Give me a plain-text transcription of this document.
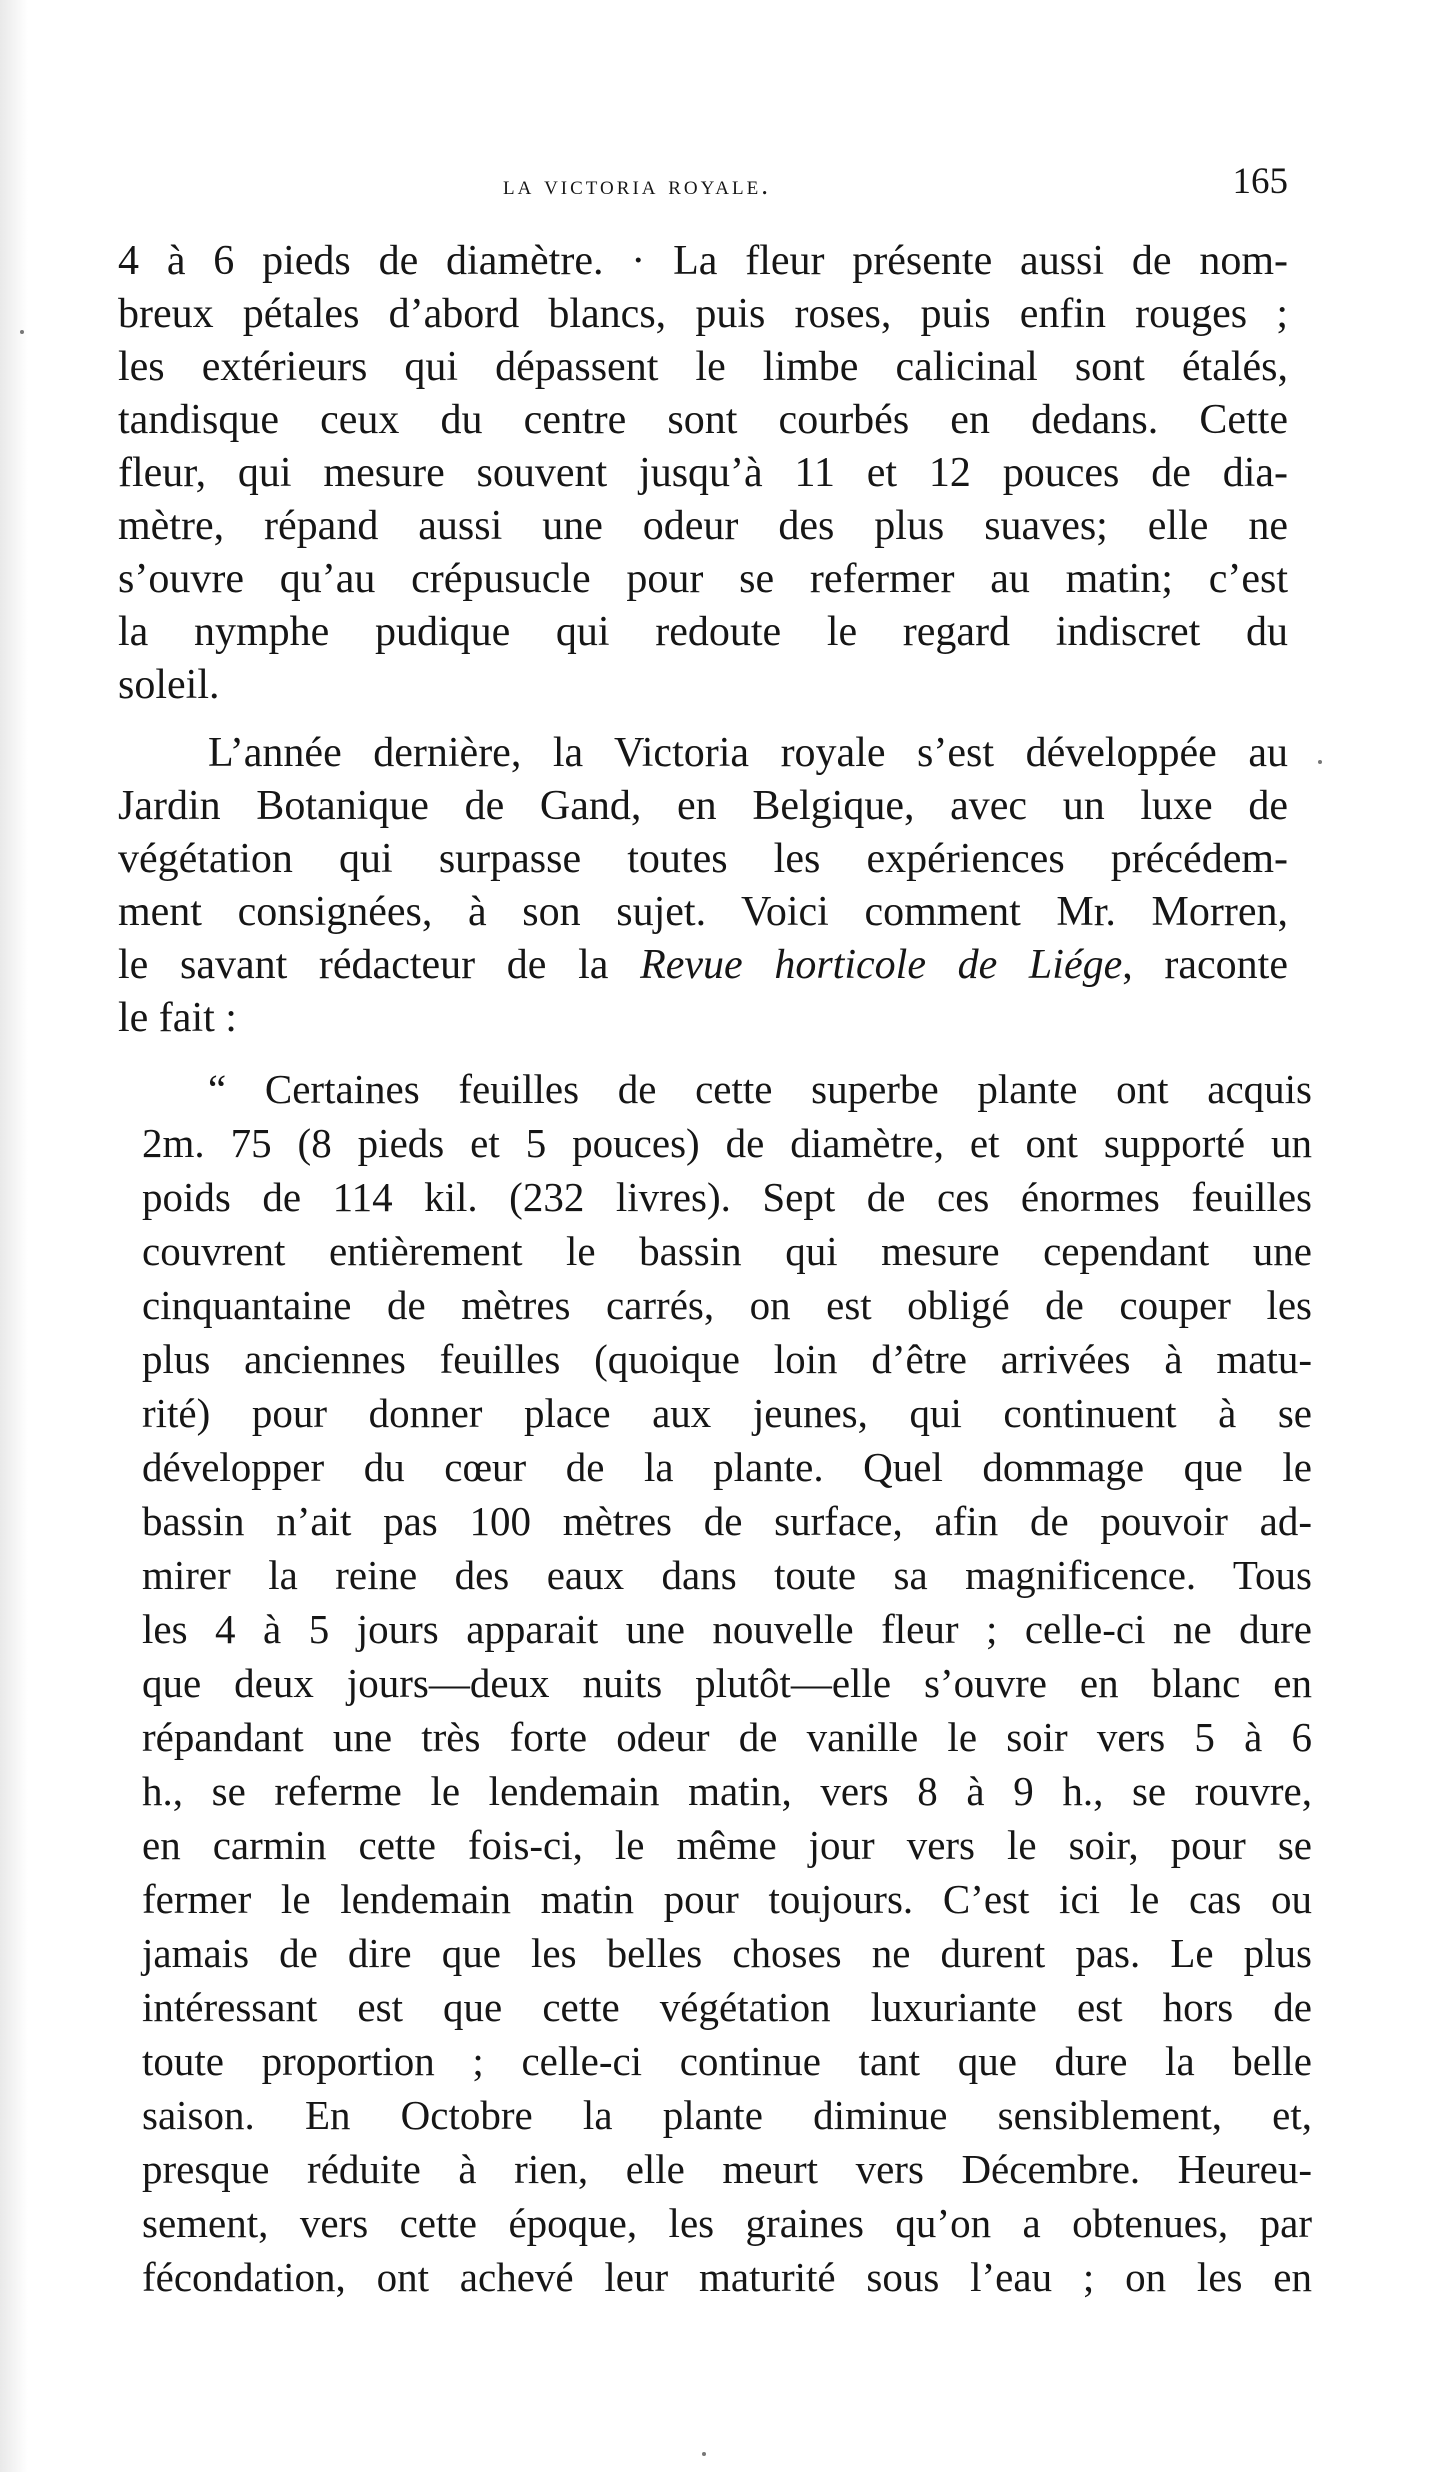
la victoria royale.	165
4 à 6 pieds de diamètre. · La fleur présente aussi de nom-
breux pétales d’abord blancs, puis roses, puis enfin rouges ;
les extérieurs qui dépassent le limbe calicinal sont étalés,
tandisque ceux du centre sont courbés en dedans. Cette
fleur, qui mesure souvent jusqu’à 11 et 12 pouces de dia-
mètre, répand aussi une odeur des plus suaves; elle ne
s’ouvre qu’au crépusucle pour se refermer au matin; c’est
la nymphe pudique qui redoute le regard indiscret du
soleil.
L’année dernière, la Victoria royale s’est développée au
Jardin Botanique de Gand, en Belgique, avec un luxe de
végétation qui surpasse toutes les expériences précédem-
ment consignées, à son sujet. Voici comment Mr. Morren,
le savant rédacteur de la Revue horticole de Liége, raconte
le fait :
“ Certaines feuilles de cette superbe plante ont acquis
2m. 75 (8 pieds et 5 pouces) de diamètre, et ont supporté un
poids de 114 kil. (232 livres). Sept de ces énormes feuilles
couvrent entièrement le bassin qui mesure cependant une
cinquantaine de mètres carrés, on est obligé de couper les
plus anciennes feuilles (quoique loin d’être arrivées à matu-
rité) pour donner place aux jeunes, qui continuent à se
développer du cœur de la plante. Quel dommage que le
bassin n’ait pas 100 mètres de surface, afin de pouvoir ad-
mirer la reine des eaux dans toute sa magnificence. Tous
les 4 à 5 jours apparait une nouvelle fleur ; celle-ci ne dure
que deux jours—deux nuits plutôt—elle s’ouvre en blanc en
répandant une très forte odeur de vanille le soir vers 5 à 6
h., se referme le lendemain matin, vers 8 à 9 h., se rouvre,
en carmin cette fois-ci, le même jour vers le soir, pour se
fermer le lendemain matin pour toujours. C’est ici le cas ou
jamais de dire que les belles choses ne durent pas. Le plus
intéressant est que cette végétation luxuriante est hors de
toute proportion ; celle-ci continue tant que dure la belle
saison. En Octobre la plante diminue sensiblement, et,
presque réduite à rien, elle meurt vers Décembre. Heureu-
sement, vers cette époque, les graines qu’on a obtenues, par
fécondation, ont achevé leur maturité sous l’eau ; on les en
